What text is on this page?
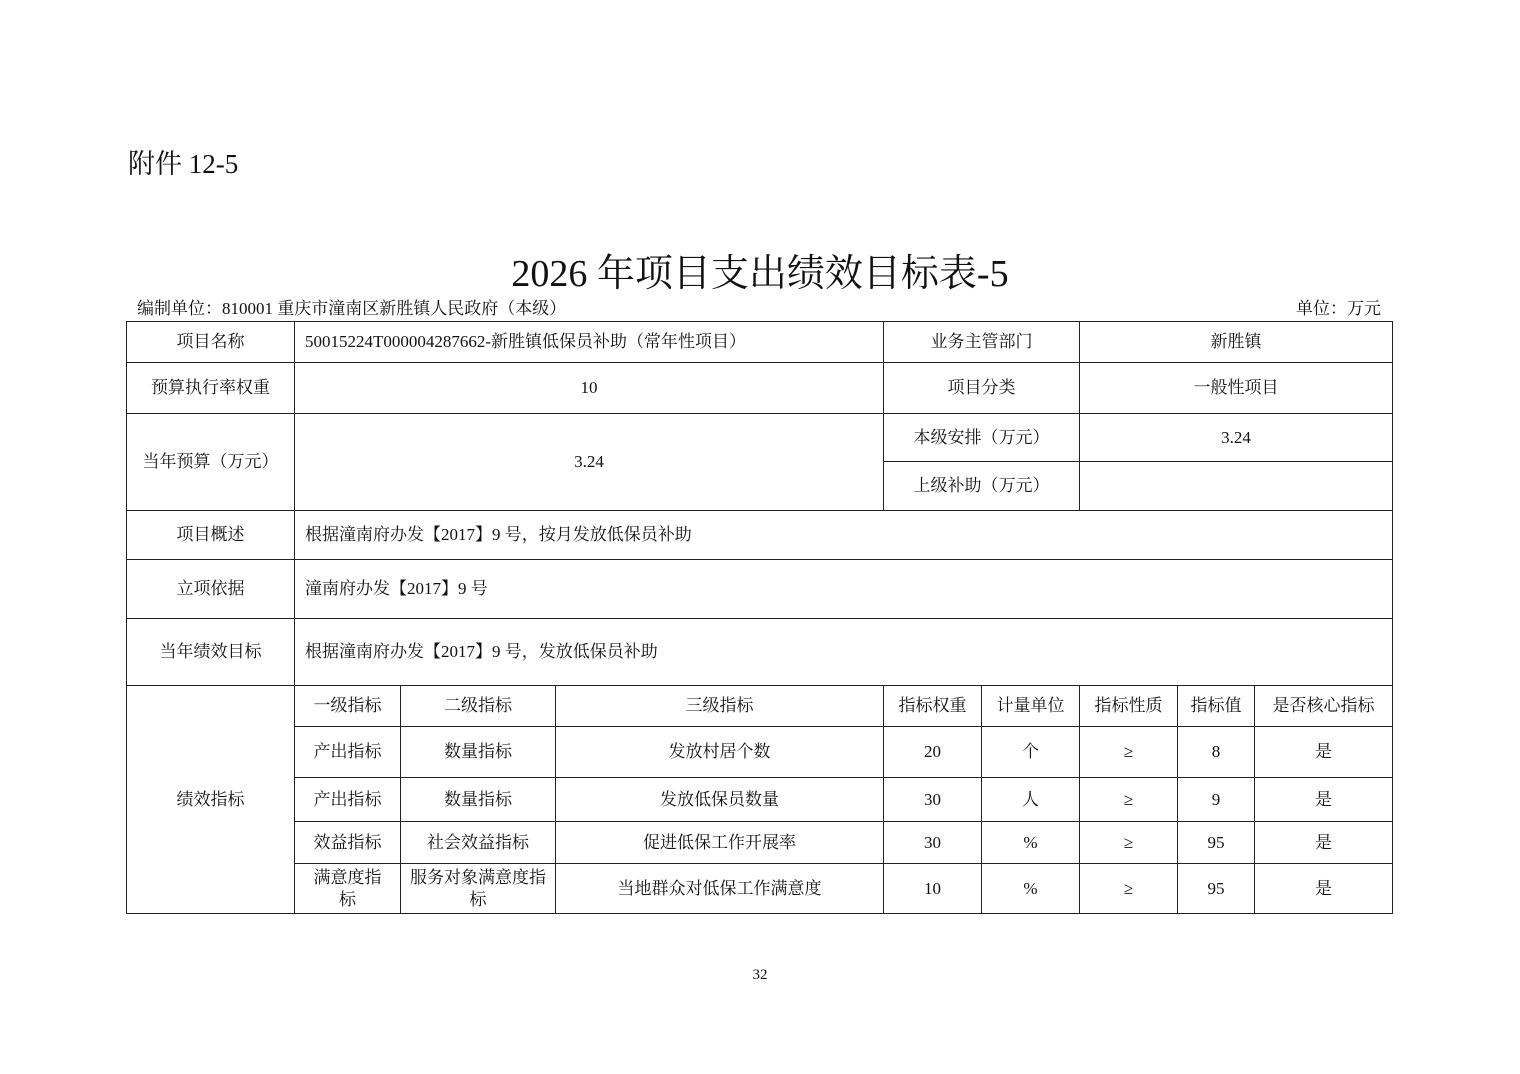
附件 12-5
2026 年项目支出绩效目标表-5
编制单位：810001 重庆市潼南区新胜镇人民政府（本级）	单位：万元
项目名称	50015224T000004287662-新胜镇低保员补助（常年性项目）			业务主管部门		新胜镇		
预算执行率权重	10			项目分类		一般性项目		
当年预算（万元）	3.24			本级安排（万元）		3.24		
				上级补助（万元）				
项目概述	根据潼南府办发【2017】9 号，按月发放低保员补助							
立项依据	潼南府办发【2017】9 号							
当年绩效目标	根据潼南府办发【2017】9 号，发放低保员补助							
绩效指标	一级指标	二级指标	三级指标	指标权重	计量单位	指标性质	指标值	是否核心指标
	产出指标	数量指标	发放村居个数	20	个	≥	8	是
	产出指标	数量指标	发放低保员数量	30	人	≥	9	是
	效益指标	社会效益指标	促进低保工作开展率	30	%	≥	95	是
	满意度指标	服务对象满意度指标	当地群众对低保工作满意度	10	%	≥	95	是
32
